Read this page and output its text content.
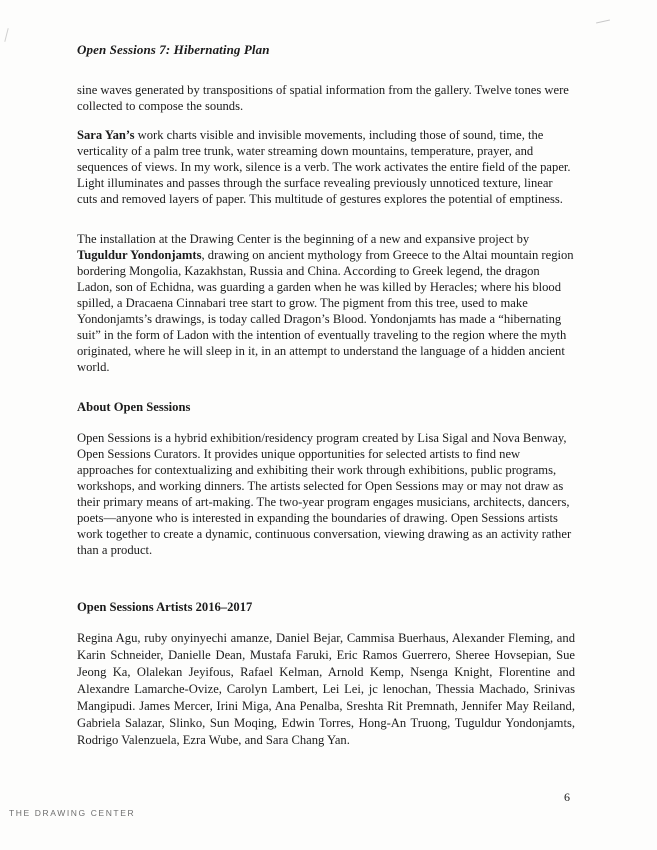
Open Sessions 7: Hibernating Plan

sine waves generated by transpositions of spatial information from the gallery. Twelve tones were collected to compose the sounds.

Sara Yan’s work charts visible and invisible movements, including those of sound, time, the verticality of a palm tree trunk, water streaming down mountains, temperature, prayer, and sequences of views. In my work, silence is a verb. The work activates the entire field of the paper. Light illuminates and passes through the surface revealing previously unnoticed texture, linear cuts and removed layers of paper. This multitude of gestures explores the potential of emptiness.

The installation at the Drawing Center is the beginning of a new and expansive project by Tuguldur Yondonjamts, drawing on ancient mythology from Greece to the Altai mountain region bordering Mongolia, Kazakhstan, Russia and China. According to Greek legend, the dragon Ladon, son of Echidna, was guarding a garden when he was killed by Heracles; where his blood spilled, a Dracaena Cinnabari tree start to grow. The pigment from this tree, used to make Yondonjamts’s drawings, is today called Dragon’s Blood. Yondonjamts has made a “hibernating suit” in the form of Ladon with the intention of eventually traveling to the region where the myth originated, where he will sleep in it, in an attempt to understand the language of a hidden ancient world.

About Open Sessions

Open Sessions is a hybrid exhibition/residency program created by Lisa Sigal and Nova Benway, Open Sessions Curators. It provides unique opportunities for selected artists to find new approaches for contextualizing and exhibiting their work through exhibitions, public programs, workshops, and working dinners. The artists selected for Open Sessions may or may not draw as their primary means of art-making. The two-year program engages musicians, architects, dancers, poets—anyone who is interested in expanding the boundaries of drawing. Open Sessions artists work together to create a dynamic, continuous conversation, viewing drawing as an activity rather than a product.

Open Sessions Artists 2016–2017

Regina Agu, ruby onyinyechi amanze, Daniel Bejar, Cammisa Buerhaus, Alexander Fleming, and Karin Schneider, Danielle Dean, Mustafa Faruki, Eric Ramos Guerrero, Sheree Hovsepian, Sue Jeong Ka, Olalekan Jeyifous, Rafael Kelman, Arnold Kemp, Nsenga Knight, Florentine and Alexandre Lamarche-Ovize, Carolyn Lambert, Lei Lei, jc lenochan, Thessia Machado, Srinivas Mangipudi. James Mercer, Irini Miga, Ana Penalba, Sreshta Rit Premnath, Jennifer May Reiland, Gabriela Salazar, Slinko, Sun Moqing, Edwin Torres, Hong-An Truong, Tuguldur Yondonjamts, Rodrigo Valenzuela, Ezra Wube, and Sara Chang Yan.

6
THE DRAWING CENTER
